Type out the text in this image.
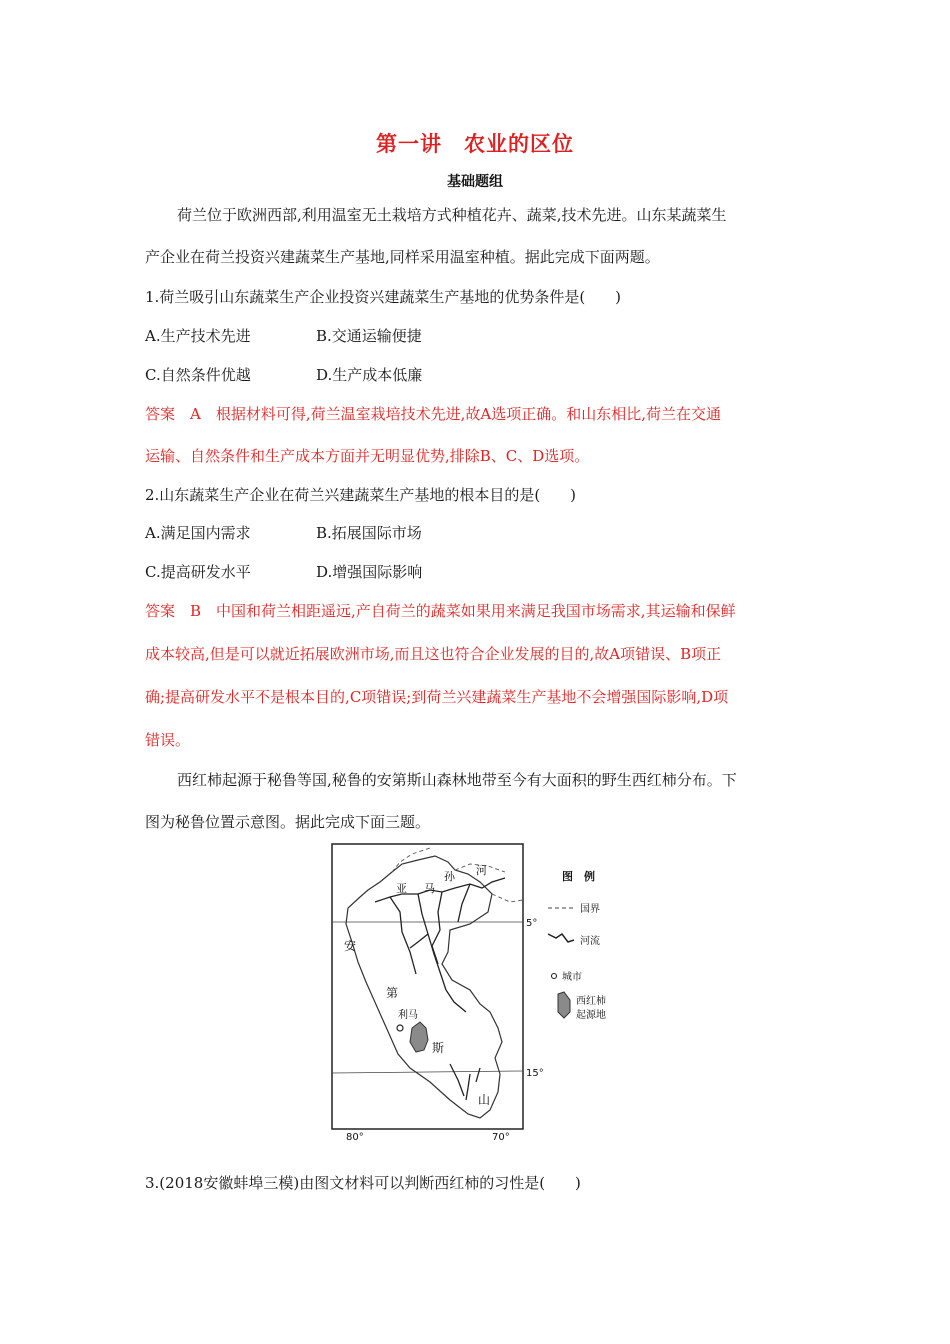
第一讲　农业的区位
基础题组
荷兰位于欧洲西部,利用温室无土栽培方式种植花卉、蔬菜,技术先进。山东某蔬菜生
产企业在荷兰投资兴建蔬菜生产基地,同样采用温室种植。据此完成下面两题。
1.荷兰吸引山东蔬菜生产企业投资兴建蔬菜生产基地的优势条件是(　　)
A.生产技术先进	B.交通运输便捷
C.自然条件优越	D.生产成本低廉
答案　A　根据材料可得,荷兰温室栽培技术先进,故A选项正确。和山东相比,荷兰在交通
运输、自然条件和生产成本方面并无明显优势,排除B、C、D选项。
2.山东蔬菜生产企业在荷兰兴建蔬菜生产基地的根本目的是(　　)
A.满足国内需求	B.拓展国际市场
C.提高研发水平	D.增强国际影响
答案　B　中国和荷兰相距遥远,产自荷兰的蔬菜如果用来满足我国市场需求,其运输和保鲜
成本较高,但是可以就近拓展欧洲市场,而且这也符合企业发展的目的,故A项错误、B项正
确;提高研发水平不是根本目的,C项错误;到荷兰兴建蔬菜生产基地不会增强国际影响,D项
错误。
西红柿起源于秘鲁等国,秘鲁的安第斯山森林地带至今有大面积的野生西红柿分布。下
图为秘鲁位置示意图。据此完成下面三题。
利马
亚 马
孙 河
安
第
斯
山
5°
15°
80°	70°
图　例
国界
河流
城市
西红柿
起源地
3.(2018安徽蚌埠三模)由图文材料可以判断西红柿的习性是(　　)
